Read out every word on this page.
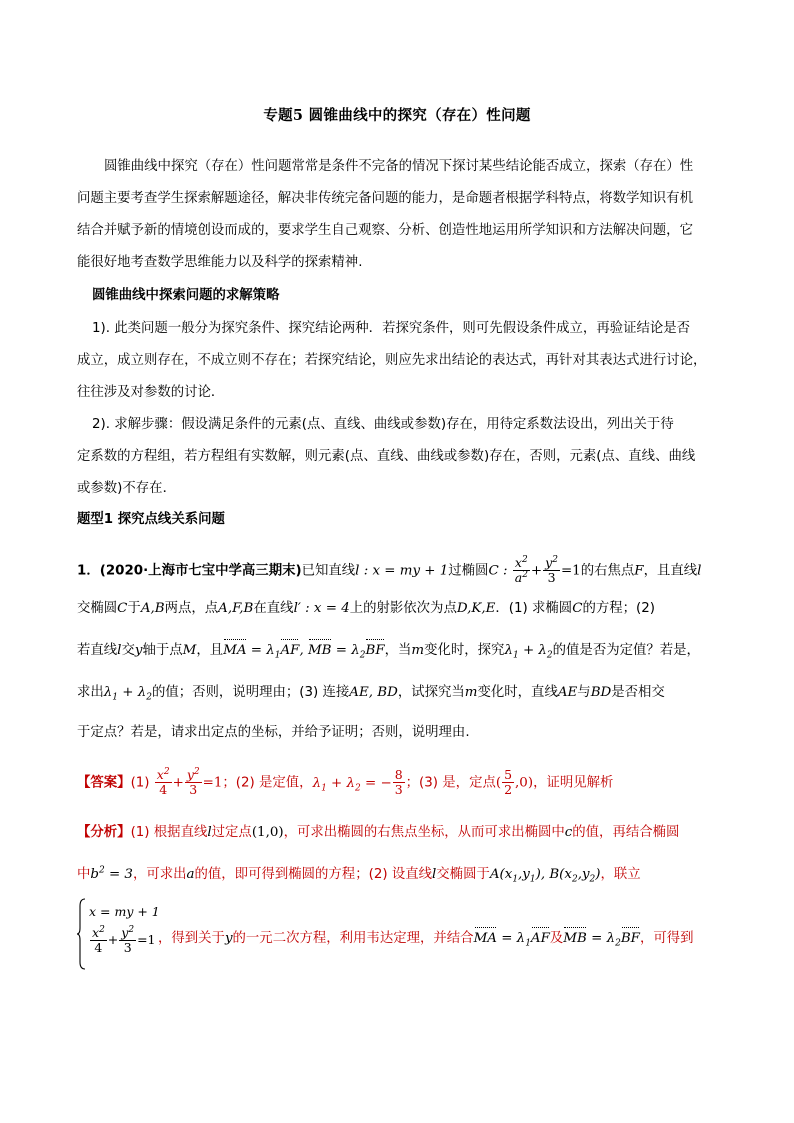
专题5 圆锥曲线中的探究（存在）性问题
圆锥曲线中探究（存在）性问题常常是条件不完备的情况下探讨某些结论能否成立，探索（存在）性
问题主要考查学生探索解题途径，解决非传统完备问题的能力，是命题者根据学科特点，将数学知识有机
结合并赋予新的情境创设而成的，要求学生自己观察、分析、创造性地运用所学知识和方法解决问题，它
能很好地考查数学思维能力以及科学的探索精神.
圆锥曲线中探索问题的求解策略
1). 此类问题一般分为探究条件、探究结论两种．若探究条件，则可先假设条件成立，再验证结论是否
成立，成立则存在，不成立则不存在；若探究结论，则应先求出结论的表达式，再针对其表达式进行讨论，
往往涉及对参数的讨论．
2). 求解步骤：假设满足条件的元素(点、直线、曲线或参数)存在，用待定系数法设出，列出关于待
定系数的方程组，若方程组有实数解，则元素(点、直线、曲线或参数)存在，否则，元素(点、直线、曲线
或参数)不存在．
题型1 探究点线关系问题
1．(2020·上海市七宝中学高三期末)已知直线l : x = my + 1过椭圆C : $\frac{x^2}{a^2} + \frac{y^2}{3} =1$的右焦点F，且直线l
交椭圆C于A,B两点，点A,F,B在直线l′ : x = 4上的射影依次为点D,K,E．(1) 求椭圆C的方程；(2)
若直线l交y轴于点M，且MA = $\lambda_1AF$, MB = $\lambda_2BF$，当m变化时，探究$\lambda_1 + \lambda_2$的值是否为定值？若是，
求出$\lambda_1 + \lambda_2$的值；否则，说明理由；(3) 连接AE, BD，试探究当m变化时，直线AE与BD是否相交
于定点？若是，请求出定点的坐标，并给予证明；否则，说明理由.
【答案】$(1) \frac{x^2}{4} + \frac{y^2}{3} =1$；(2) 是定值，$\lambda_1 + \lambda_2$ = − $\frac{8}{3}$ ；(3) 是，定点( $\frac{5}{2} ,0$)，证明见解析
【分析】(1) 根据直线l过定点(1,0)，可求出椭圆的右焦点坐标，从而可求出椭圆中c的值，再结合椭圆
中$b^2 = 3$，可求出a的值，即可得到椭圆的方程；(2) 设直线l交椭圆于$A(x_1,y_1)$, $B(x_2,y_2)$，联立
x = my + 1
$\frac{x^2}{4} + \frac{y^2}{3} =1$ ，得到关于y的一元二次方程，利用韦达定理，并结合MA = $\lambda_1AF$及MB = $\lambda_2BF$，可得到
